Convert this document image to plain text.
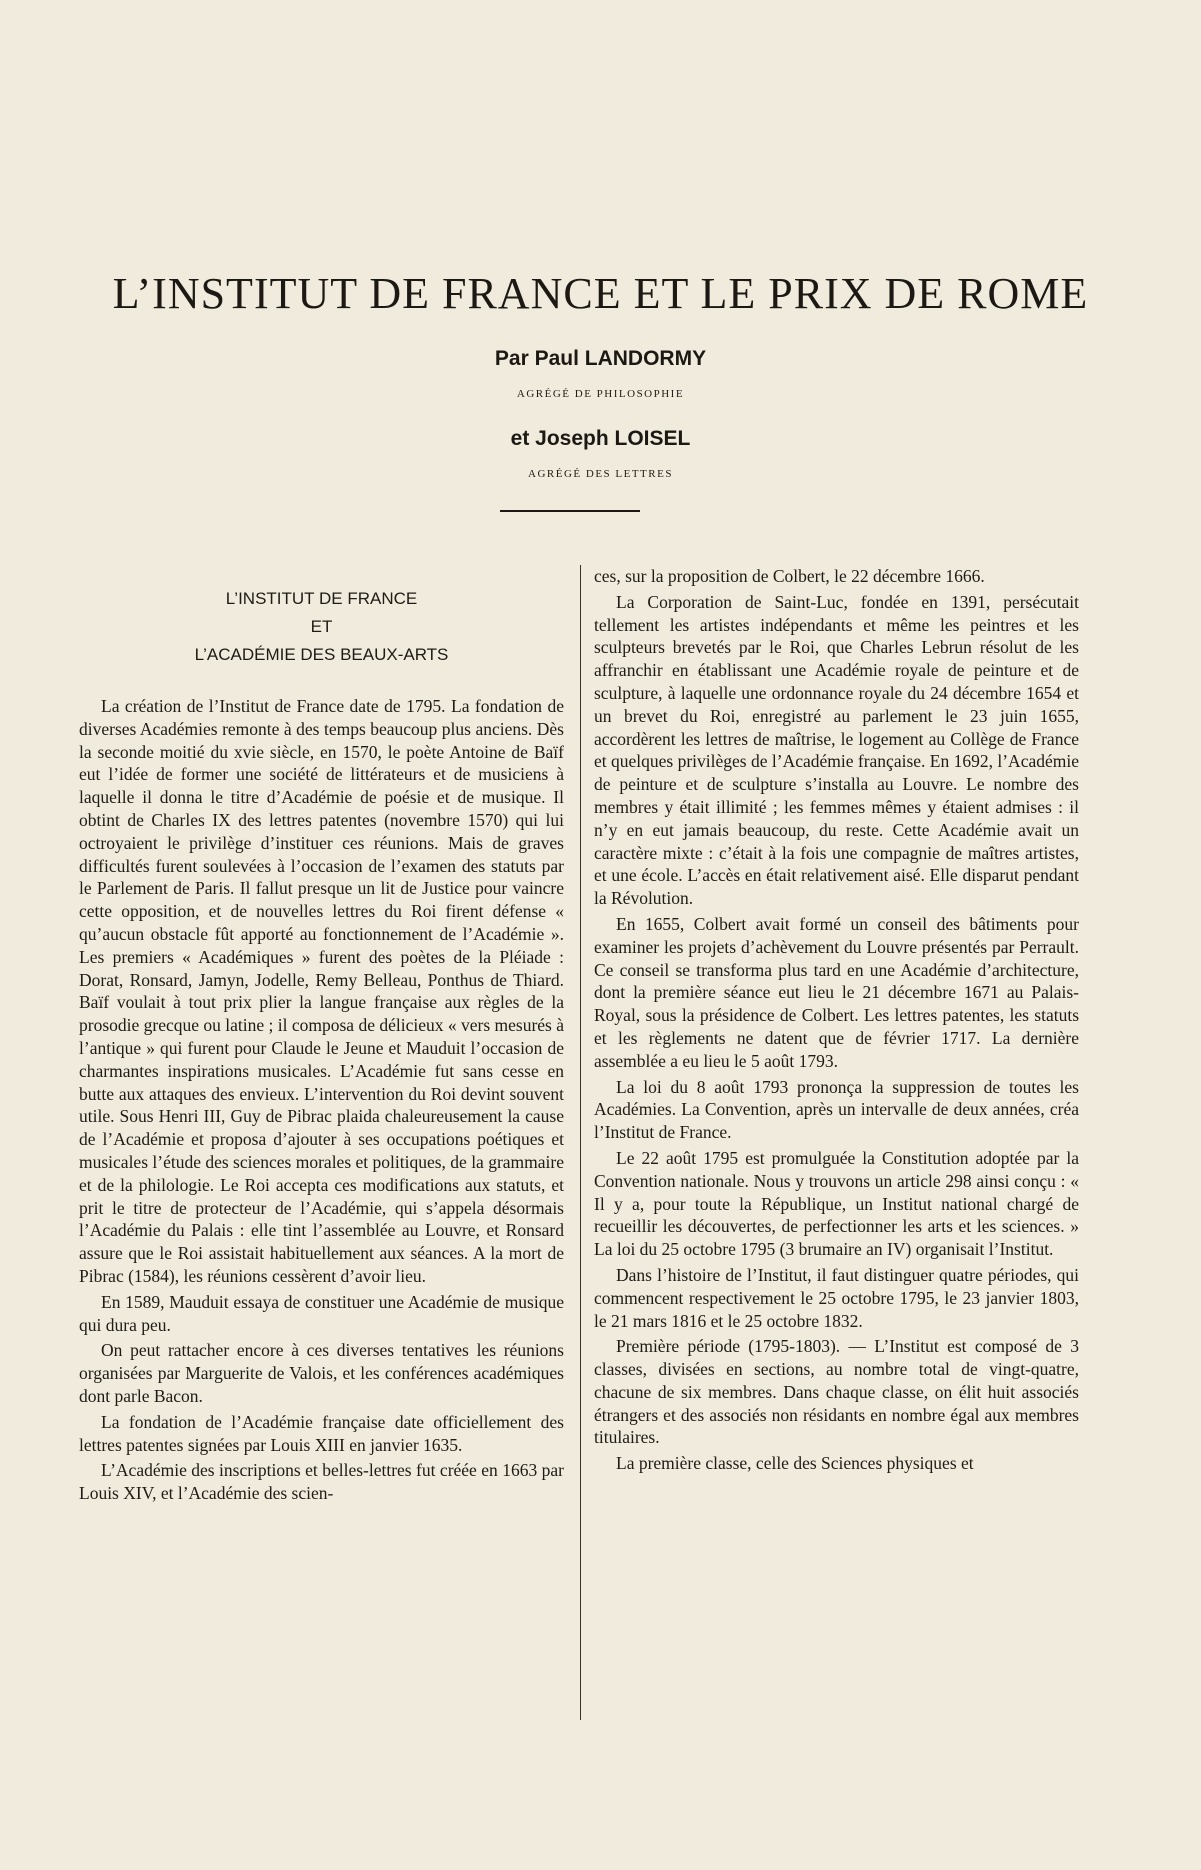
L’INSTITUT DE FRANCE ET LE PRIX DE ROME
Par Paul LANDORMY
AGRÉGÉ DE PHILOSOPHIE
et Joseph LOISEL
AGRÉGÉ DES LETTRES
L’INSTITUT DE FRANCE
ET
L’ACADÉMIE DES BEAUX-ARTS

La création de l’Institut de France date de 1795. La fondation de diverses Académies remonte à des temps beaucoup plus anciens. Dès la seconde moitié du xvie siècle, en 1570, le poète Antoine de Baïf eut l’idée de former une société de littérateurs et de musiciens à laquelle il donna le titre d’Académie de poésie et de musique. Il obtint de Charles IX des lettres patentes (novembre 1570) qui lui octroyaient le privilège d’instituer ces réunions. Mais de graves difficultés furent soulevées à l’occasion de l’examen des statuts par le Parlement de Paris. Il fallut presque un lit de Justice pour vaincre cette opposition, et de nouvelles lettres du Roi firent défense « qu’aucun obstacle fût apporté au fonctionnement de l’Académie ». Les premiers « Académiques » furent des poètes de la Pléiade : Dorat, Ronsard, Jamyn, Jodelle, Remy Belleau, Ponthus de Thiard. Baïf voulait à tout prix plier la langue française aux règles de la prosodie grecque ou latine ; il composa de délicieux « vers mesurés à l’antique » qui furent pour Claude le Jeune et Mauduit l’occasion de charmantes inspirations musicales. L’Académie fut sans cesse en butte aux attaques des envieux. L’intervention du Roi devint souvent utile. Sous Henri III, Guy de Pibrac plaida chaleureusement la cause de l’Académie et proposa d’ajouter à ses occupations poétiques et musicales l’étude des sciences morales et politiques, de la grammaire et de la philologie. Le Roi accepta ces modifications aux statuts, et prit le titre de protecteur de l’Académie, qui s’appela désormais l’Académie du Palais : elle tint l’assemblée au Louvre, et Ronsard assure que le Roi assistait habituellement aux séances. A la mort de Pibrac (1584), les réunions cessèrent d’avoir lieu.

En 1589, Mauduit essaya de constituer une Académie de musique qui dura peu.

On peut rattacher encore à ces diverses tentatives les réunions organisées par Marguerite de Valois, et les conférences académiques dont parle Bacon.

La fondation de l’Académie française date officiellement des lettres patentes signées par Louis XIII en janvier 1635.

L’Académie des inscriptions et belles-lettres fut créée en 1663 par Louis XIV, et l’Académie des scien-

ces, sur la proposition de Colbert, le 22 décembre 1666.

La Corporation de Saint-Luc, fondée en 1391, persécutait tellement les artistes indépendants et même les peintres et les sculpteurs brevetés par le Roi, que Charles Lebrun résolut de les affranchir en établissant une Académie royale de peinture et de sculpture, à laquelle une ordonnance royale du 24 décembre 1654 et un brevet du Roi, enregistré au parlement le 23 juin 1655, accordèrent les lettres de maîtrise, le logement au Collège de France et quelques privilèges de l’Académie française. En 1692, l’Académie de peinture et de sculpture s’installa au Louvre. Le nombre des membres y était illimité ; les femmes mêmes y étaient admises : il n’y en eut jamais beaucoup, du reste. Cette Académie avait un caractère mixte : c’était à la fois une compagnie de maîtres artistes, et une école. L’accès en était relativement aisé. Elle disparut pendant la Révolution.

En 1655, Colbert avait formé un conseil des bâtiments pour examiner les projets d’achèvement du Louvre présentés par Perrault. Ce conseil se transforma plus tard en une Académie d’architecture, dont la première séance eut lieu le 21 décembre 1671 au Palais-Royal, sous la présidence de Colbert. Les lettres patentes, les statuts et les règlements ne datent que de février 1717. La dernière assemblée a eu lieu le 5 août 1793.

La loi du 8 août 1793 prononça la suppression de toutes les Académies. La Convention, après un intervalle de deux années, créa l’Institut de France.

Le 22 août 1795 est promulguée la Constitution adoptée par la Convention nationale. Nous y trouvons un article 298 ainsi conçu : « Il y a, pour toute la République, un Institut national chargé de recueillir les découvertes, de perfectionner les arts et les sciences. » La loi du 25 octobre 1795 (3 brumaire an IV) organisait l’Institut.

Dans l’histoire de l’Institut, il faut distinguer quatre périodes, qui commencent respectivement le 25 octobre 1795, le 23 janvier 1803, le 21 mars 1816 et le 25 octobre 1832.

Première période (1795-1803). — L’Institut est composé de 3 classes, divisées en sections, au nombre total de vingt-quatre, chacune de six membres. Dans chaque classe, on élit huit associés étrangers et des associés non résidants en nombre égal aux membres titulaires.

La première classe, celle des Sciences physiques et
